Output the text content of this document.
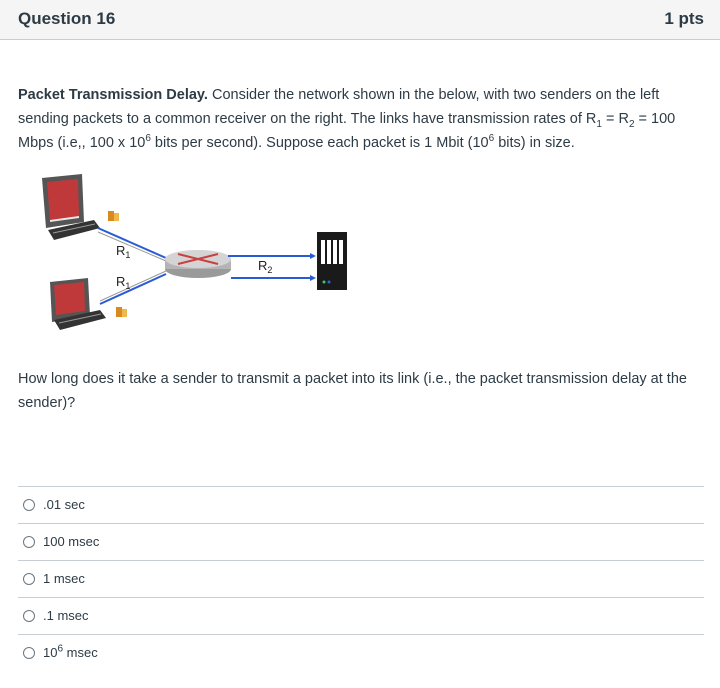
Question 16	1 pts
Packet Transmission Delay. Consider the network shown in the below, with two senders on the left sending packets to a common receiver on the right. The links have transmission rates of $R_1 = R_2 = 100$ Mbps (i.e,, 100 x $10^6$ bits per second). Suppose each packet is 1 Mbit ($10^6$ bits) in size.
$R_1$
$R_1$
$R_2$
How long does it take a sender to transmit a packet into its link (i.e., the packet transmission delay at the sender)?
.01 sec
100 msec
1 msec
.1 msec
$10^6$ msec
